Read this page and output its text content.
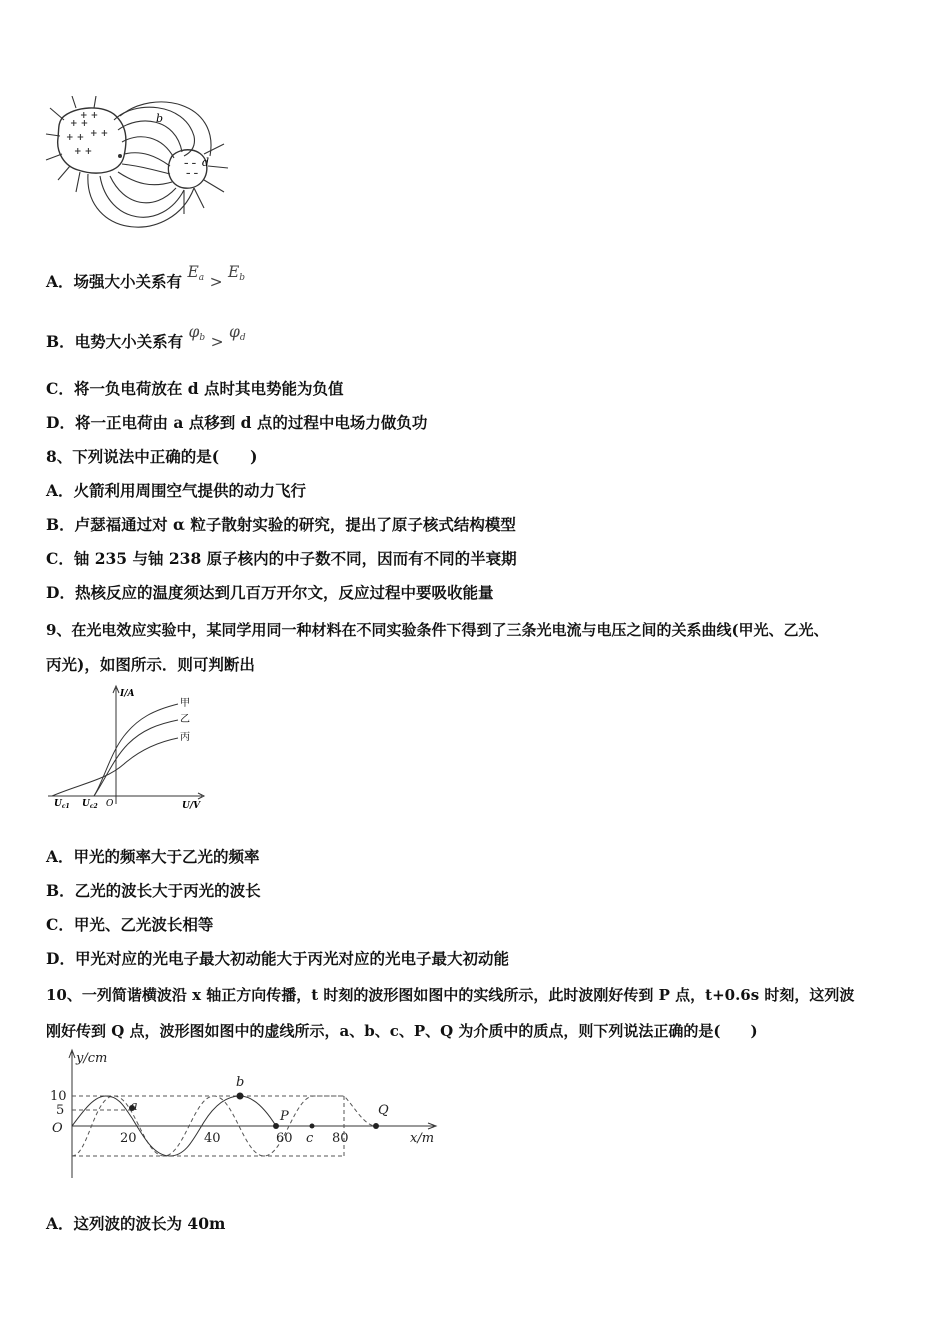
+ +
+ +
+ +
+ +
+ +
– –
– –
b
d
A．场强大小关系有 $E_a > E_b$
B．电势大小关系有 $\varphi_b > \varphi_d$
C．将一负电荷放在 d 点时其电势能为负值
D．将一正电荷由 a 点移到 d 点的过程中电场力做负功
8、下列说法中正确的是(　　)
A．火箭利用周围空气提供的动力飞行
B．卢瑟福通过对 α 粒子散射实验的研究，提出了原子核式结构模型
C．铀 235 与铀 238 原子核内的中子数不同，因而有不同的半衰期
D．热核反应的温度须达到几百万开尔文，反应过程中要吸收能量
9、在光电效应实验中，某同学用同一种材料在不同实验条件下得到了三条光电流与电压之间的关系曲线(甲光、乙光、
丙光)，如图所示．则可判断出
I/A
U/V
O
$U_{c1}$ $U_{c2}$
甲
乙
丙
A．甲光的频率大于乙光的频率
B．乙光的波长大于丙光的波长
C．甲光、乙光波长相等
D．甲光对应的光电子最大初动能大于丙光对应的光电子最大初动能
10、一列简谐横波沿 x 轴正方向传播，t 时刻的波形图如图中的实线所示，此时波刚好传到 P 点，t+0.6s 时刻，这列波
刚好传到 Q 点，波形图如图中的虚线所示，a、b、c、P、Q 为介质中的质点，则下列说法正确的是(　　)
y/cm
x/m
O
10
5
20	40	60	80
a
b
P
c
Q
A．这列波的波长为 40m
